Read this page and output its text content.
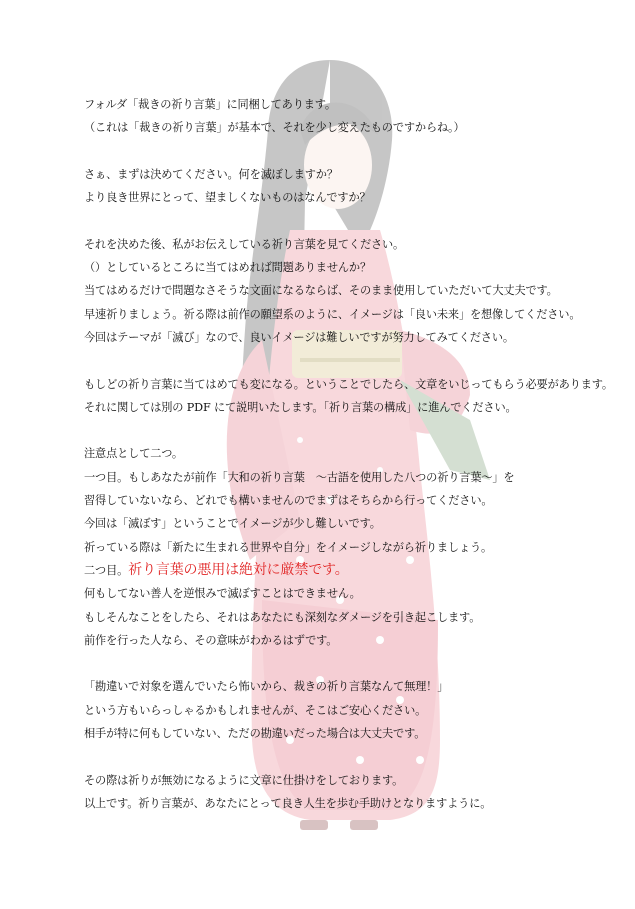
フォルダ「裁きの祈り言葉」に同梱してあります。
（これは「裁きの祈り言葉」が基本で、それを少し変えたものですからね。）
さぁ、まずは決めてください。何を滅ぼしますか？
より良き世界にとって、望ましくないものはなんですか？
それを決めた後、私がお伝えしている祈り言葉を見てください。
（）としているところに当てはめれば問題ありませんか？
当てはめるだけで問題なさそうな文面になるならば、そのまま使用していただいて大丈夫です。
早速祈りましょう。祈る際は前作の願望系のように、イメージは「良い未来」を想像してください。
今回はテーマが「滅び」なので、良いイメージは難しいですが努力してみてください。
もしどの祈り言葉に当てはめても変になる。ということでしたら、文章をいじってもらう必要があります。
それに関しては別の PDF にて説明いたします。「祈り言葉の構成」に進んでください。
注意点として二つ。
一つ目。もしあなたが前作「大和の祈り言葉　～古語を使用した八つの祈り言葉～」を
習得していないなら、どれでも構いませんのでまずはそちらから行ってください。
今回は「滅ぼす」ということでイメージが少し難しいです。
祈っている際は「新たに生まれる世界や自分」をイメージしながら祈りましょう。
二つ目。祈り言葉の悪用は絶対に厳禁です。
何もしてない善人を逆恨みで滅ぼすことはできません。
もしそんなことをしたら、それはあなたにも深刻なダメージを引き起こします。
前作を行った人なら、その意味がわかるはずです。
「勘違いで対象を選んでいたら怖いから、裁きの祈り言葉なんて無理！」
という方もいらっしゃるかもしれませんが、そこはご安心ください。
相手が特に何もしていない、ただの勘違いだった場合は大丈夫です。
その際は祈りが無効になるように文章に仕掛けをしております。
以上です。祈り言葉が、あなたにとって良き人生を歩む手助けとなりますように。
